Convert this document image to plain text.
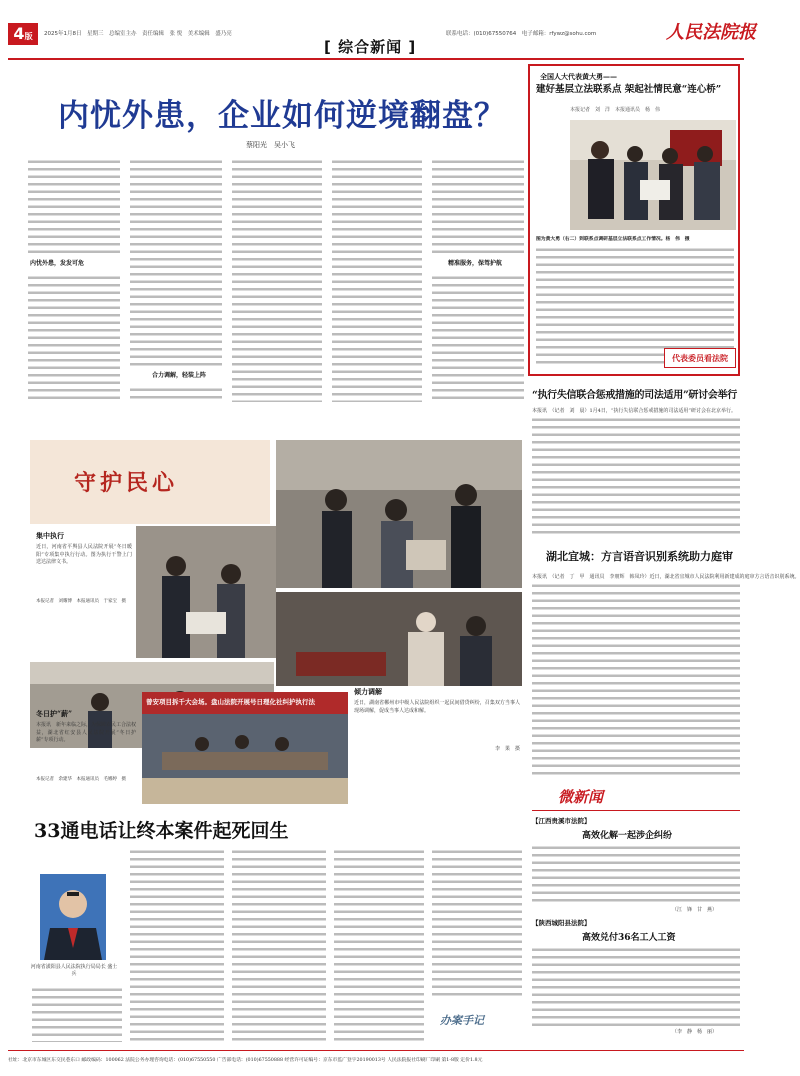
4版	2025年1月8日　星期三　总编室主办　责任编辑　张 悦　美术编辑　盛乃亮	联系电话：(010)67550764　电子邮箱：rfywz@sohu.com	人民法院报
[ 综合新闻 ]
内忧外患，企业如何逆境翻盘？
蔡阳光　吴小飞
内忧外患，发发可危
合力调解，轻装上阵
精准服务，保驾护航
全国人大代表黄大勇——
建好基层立法联系点 架起社情民意“连心桥”
本报记者　刘　洋　本报通讯员　杨　伟
图为黄大勇（右二）到联系点调研基层立法联系点工作情况。杨　伟　摄
代表委员看法院
“执行失信联合惩戒措施的司法适用”研讨会举行
本报讯　（记者　刘　晨）1月4日，“执行失信联合惩戒措施的司法适用”研讨会在北京举行。
湖北宜城：方言语音识别系统助力庭审
本报讯　（记者　丁　甲　通讯员　李朋辉　韩凤玲）近日，湖北省宜城市人民法院利用新建成的庭审方言语音识别系统。
守护民心
集中执行
近日，河南省平舆县人民法院开展“冬日暖阳”专项集中执行行动。图为执行干警上门送达法律文书。
本报记者　刘耀博　本报通讯员　于家宝　摄
倾力调解
近日，湖南省郴州市中级人民法院组织一起民间借贷纠纷，召集双方当事人现场调解，促成当事人达成和解。
李　果　摄
曾安项目拆千大会场。盘山法院开展号日理化社纠护执行法
冬日护“薪”
本报讯　新年来临之际，为保障农民工合法权益，湖北省红安县人民法院开展“冬日护薪”专项行动。
本报记者　余建华　本报通讯员　毛娜婷　摄
33通电话让终本案件起死回生
河南省潢阳县人民法院执行局局长 盛士兵
办案手记
微新闻
【江西贵溪市法院】
高效化解一起涉企纠纷
（江　锋　甘　燕）
【陕西城阳县法院】
高效兑付36名工人工资
（李　静　杨　丽）
社址：北京市东城区东交民巷东口 邮政编码：100062 法院公务办理咨询电话：(010)67550550 广告部电话：(010)67550888 经营许可证编号：京东市监广登字20190013号 人民法院报社印刷厂印刷 第1-8版 定价1.8元
